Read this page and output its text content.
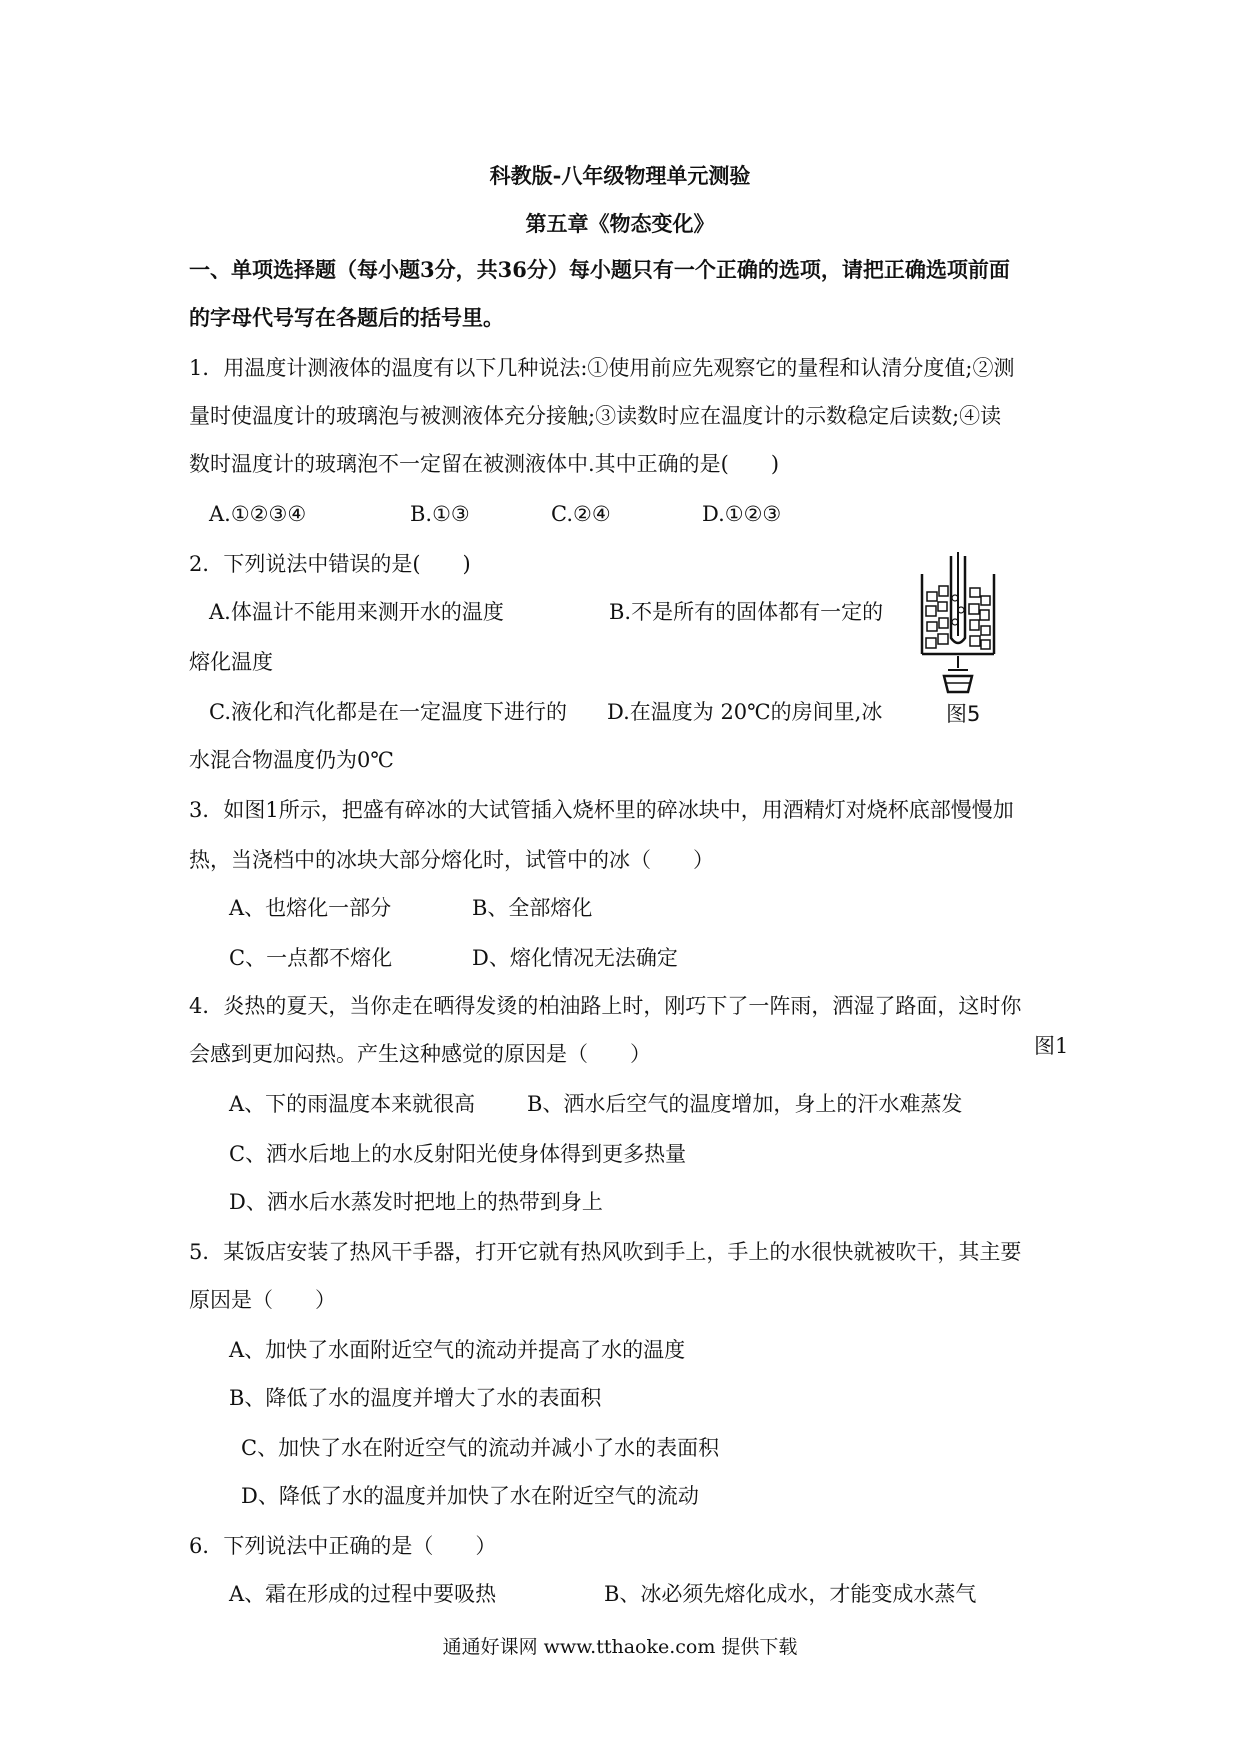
科教版-八年级物理单元测验
第五章《物态变化》
一、单项选择题（每小题3分，共36分）每小题只有一个正确的选项，请把正确选项前面
的字母代号写在各题后的括号里。
1．用温度计测液体的温度有以下几种说法:①使用前应先观察它的量程和认清分度值;②测
量时使温度计的玻璃泡与被测液体充分接触;③读数时应在温度计的示数稳定后读数;④读
数时温度计的玻璃泡不一定留在被测液体中.其中正确的是(　　)
A.①②③④	B.①③	C.②④	D.①②③
2．下列说法中错误的是(　　)
A.体温计不能用来测开水的温度	B.不是所有的固体都有一定的
熔化温度
C.液化和汽化都是在一定温度下进行的 D.在温度为 20℃的房间里,冰
水混合物温度仍为0℃
图5
3．如图1所示，把盛有碎冰的大试管插入烧杯里的碎冰块中，用酒精灯对烧杯底部慢慢加
热，当浇档中的冰块大部分熔化时，试管中的冰（　　）
A、也熔化一部分	B、全部熔化
C、一点都不熔化	D、熔化情况无法确定
4．炎热的夏天，当你走在晒得发烫的柏油路上时，刚巧下了一阵雨，洒湿了路面，这时你
会感到更加闷热。产生这种感觉的原因是（　　）	图1
A、下的雨温度本来就很高 B、洒水后空气的温度增加，身上的汗水难蒸发
C、洒水后地上的水反射阳光使身体得到更多热量
D、洒水后水蒸发时把地上的热带到身上
5．某饭店安装了热风干手器，打开它就有热风吹到手上，手上的水很快就被吹干，其主要
原因是（　　）
A、加快了水面附近空气的流动并提高了水的温度
B、降低了水的温度并增大了水的表面积
C、加快了水在附近空气的流动并减小了水的表面积
D、降低了水的温度并加快了水在附近空气的流动
6．下列说法中正确的是（　　）
A、霜在形成的过程中要吸热	B、冰必须先熔化成水，才能变成水蒸气
通通好课网 www.tthaoke.com 提供下载
